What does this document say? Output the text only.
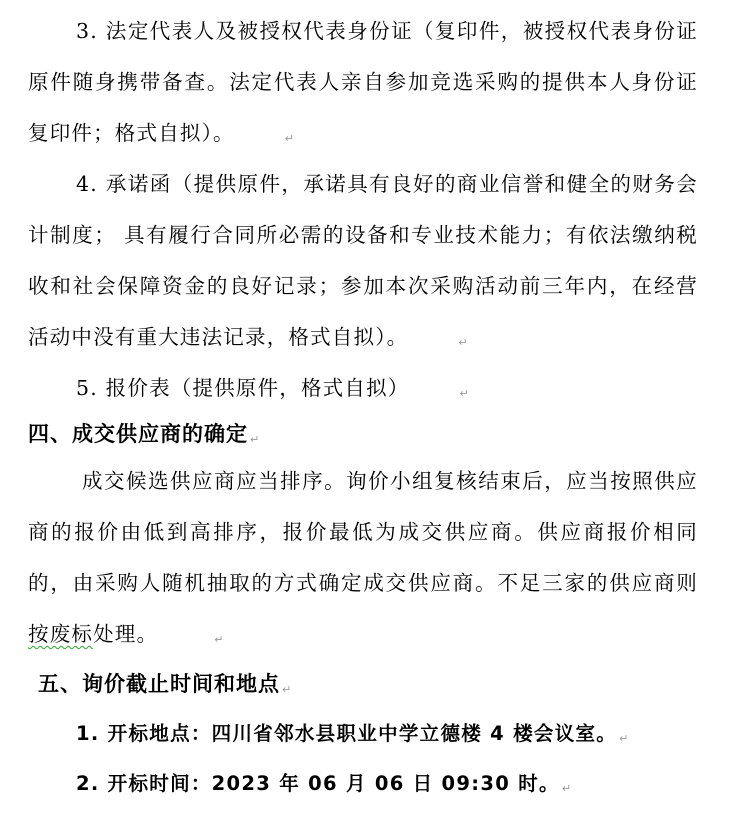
3. 法定代表人及被授权代表身份证（复印件，被授权代表身份证原件随身携带备查。法定代表人亲自参加竞选采购的提供本人身份证复印件；格式自拟）。	↵

4. 承诺函（提供原件，承诺具有良好的商业信誉和健全的财务会计制度； 具有履行合同所必需的设备和专业技术能力；有依法缴纳税收和社会保障资金的良好记录；参加本次采购活动前三年内，在经营活动中没有重大违法记录，格式自拟）。	↵

5. 报价表（提供原件，格式自拟）	↵

四、成交供应商的确定 ↵

成交候选供应商应当排序。询价小组复核结束后，应当按照供应商的报价由低到高排序，报价最低为成交供应商。供应商报价相同的，由采购人随机抽取的方式确定成交供应商。不足三家的供应商则按废标处理。	↵

五、询价截止时间和地点 ↵

1. 开标地点：四川省邻水县职业中学立德楼 4 楼会议室。 ↵

2. 开标时间：2023 年 06 月 06 日 09:30 时。 ↵
